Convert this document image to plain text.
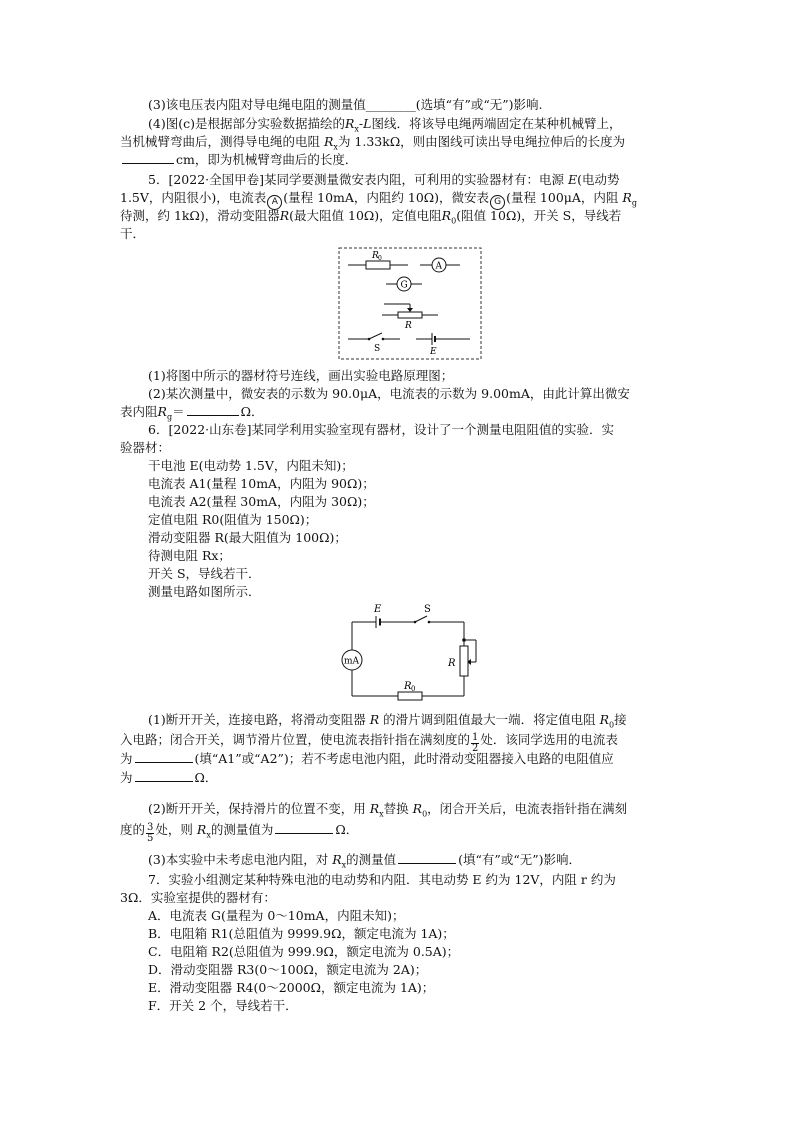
(3)该电压表内阻对导电绳电阻的测量值________(选填“有”或“无”)影响.
(4)图(c)是根据部分实验数据描绘的$R_x-L$图线．将该导电绳两端固定在某种机械臂上，
当机械臂弯曲后，测得导电绳的电阻 $R_x$为 1.33kΩ，则由图线可读出导电绳拉伸后的长度为
cm，即为机械臂弯曲后的长度．
5．[2022·全国甲卷]某同学要测量微安表内阻，可利用的实验器材有：电源 E(电动势
1.5V，内阻很小)，电流表 A (量程 10mA，内阻约 10Ω)，微安表 G (量程 100μA，内阻 $R_g$
待测，约 1kΩ)，滑动变阻器R(最大阻值 10Ω)，定值电阻$R_0$(阻值 10Ω)，开关 S，导线若
干．
R 0
A
G
R
S	E
(1)将图中所示的器材符号连线，画出实验电路原理图；
(2)某次测量中，微安表的示数为 90.0μA，电流表的示数为 9.00mA，由此计算出微安
表内阻$R_g=$	Ω．
6．[2022·山东卷]某同学利用实验室现有器材，设计了一个测量电阻阻值的实验．实
验器材：
干电池 E(电动势 1.5V，内阻未知)；
电流表 A1(量程 10mA，内阻为 90Ω)；
电流表 A2(量程 30mA，内阻为 30Ω)；
定值电阻 R0(阻值为 150Ω)；
滑动变阻器 R(最大阻值为 100Ω)；
待测电阻 Rx；
开关 S，导线若干．
测量电路如图所示．
E	S
R
R 0
mA
(1)断开开关，连接电路，将滑动变阻器 R 的滑片调到阻值最大一端．将定值电阻 $R_0$接
入电路；闭合开关，调节滑片位置，使电流表指针指在满刻度的 $\frac{1}{2}$ 处．该同学选用的电流表
为	(填“A1”或“A2”)；若不考虑电池内阻，此时滑动变阻器接入电路的电阻值应
为	Ω．
(2)断开开关，保持滑片的位置不变，用 $R_x$替换 $R_0$，闭合开关后，电流表指针指在满刻
度的 $\frac{3}{5}$ 处，则 $R_x$的测量值为	Ω．
(3)本实验中未考虑电池内阻，对 $R_x$的测量值	(填“有”或“无”)影响．
7．实验小组测定某种特殊电池的电动势和内阻．其电动势 E 约为 12V，内阻 r 约为
3Ω．实验室提供的器材有：
A．电流表 G(量程为 0～10mA，内阻未知)；
B．电阻箱 R1(总阻值为 9999.9Ω，额定电流为 1A)；
C．电阻箱 R2(总阻值为 999.9Ω，额定电流为 0.5A)；
D．滑动变阻器 R3(0～100Ω，额定电流为 2A)；
E．滑动变阻器 R4(0～2000Ω，额定电流为 1A)；
F．开关 2 个，导线若干．
